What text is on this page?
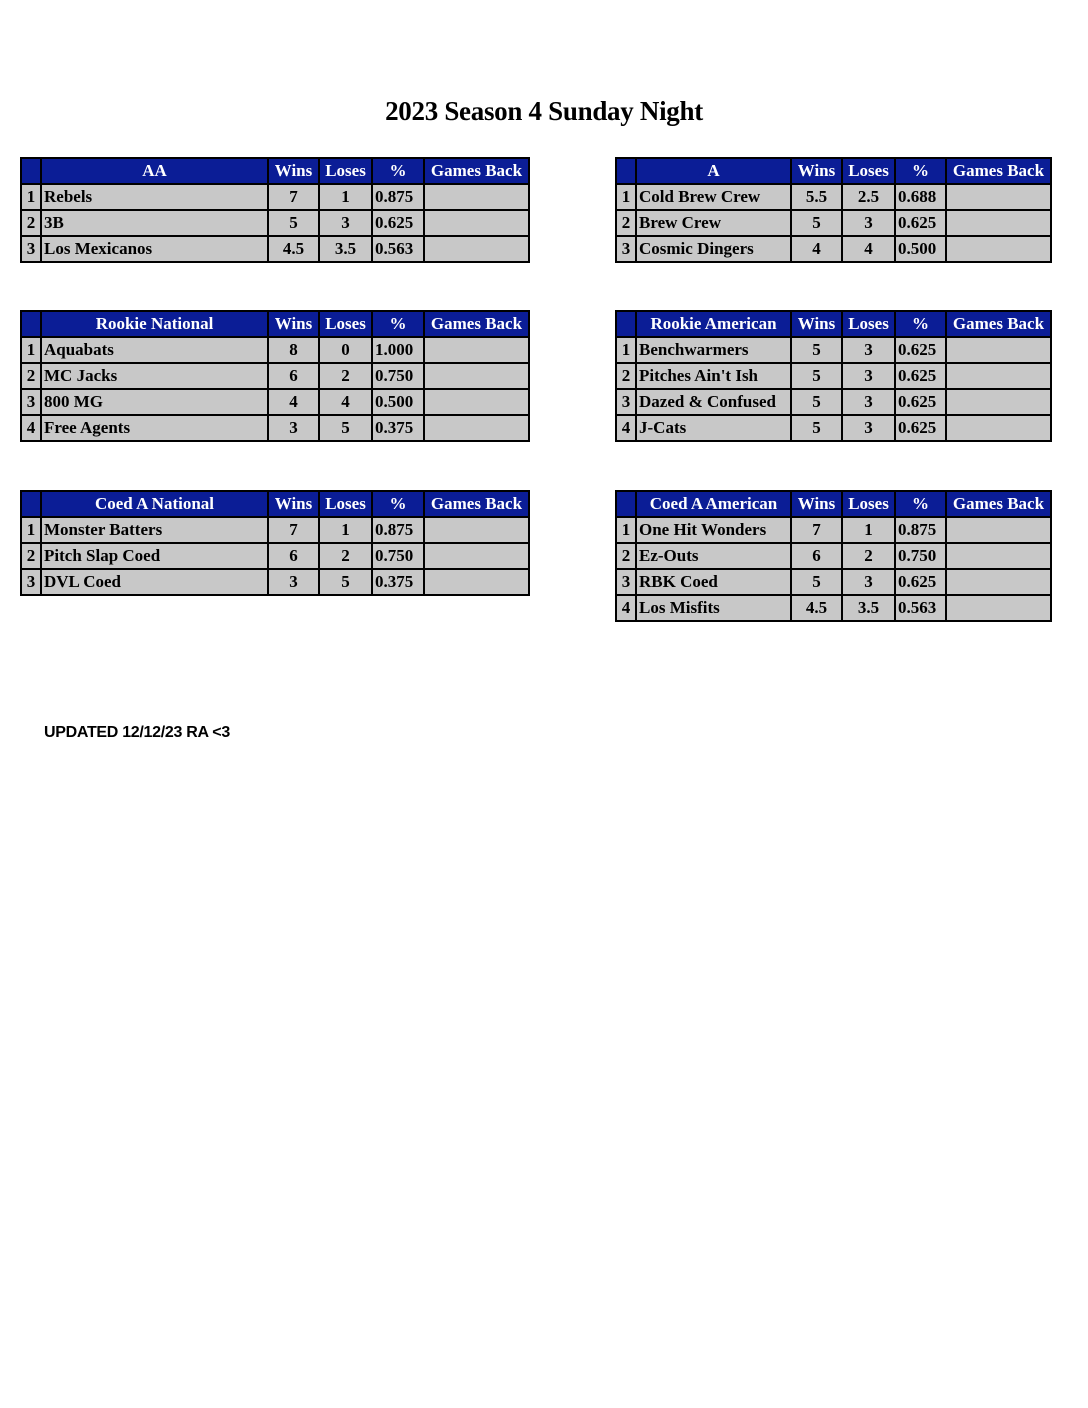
2023 Season 4 Sunday Night
	AA	Wins	Loses	%	Games Back
1	Rebels	7	1	0.875	
2	3B	5	3	0.625	
3	Los Mexicanos	4.5	3.5	0.563	
	A	Wins	Loses	%	Games Back
1	Cold Brew Crew	5.5	2.5	0.688	
2	Brew Crew	5	3	0.625	
3	Cosmic Dingers	4	4	0.500	
	Rookie National	Wins	Loses	%	Games Back
1	Aquabats	8	0	1.000	
2	MC Jacks	6	2	0.750	
3	800 MG	4	4	0.500	
4	Free Agents	3	5	0.375	
	Rookie American	Wins	Loses	%	Games Back
1	Benchwarmers	5	3	0.625	
2	Pitches Ain't Ish	5	3	0.625	
3	Dazed & Confused	5	3	0.625	
4	J-Cats	5	3	0.625	
	Coed A National	Wins	Loses	%	Games Back
1	Monster Batters	7	1	0.875	
2	Pitch Slap Coed	6	2	0.750	
3	DVL Coed	3	5	0.375	
	Coed A American	Wins	Loses	%	Games Back
1	One Hit Wonders	7	1	0.875	
2	Ez-Outs	6	2	0.750	
3	RBK Coed	5	3	0.625	
4	Los Misfits	4.5	3.5	0.563	
UPDATED 12/12/23 RA <3
